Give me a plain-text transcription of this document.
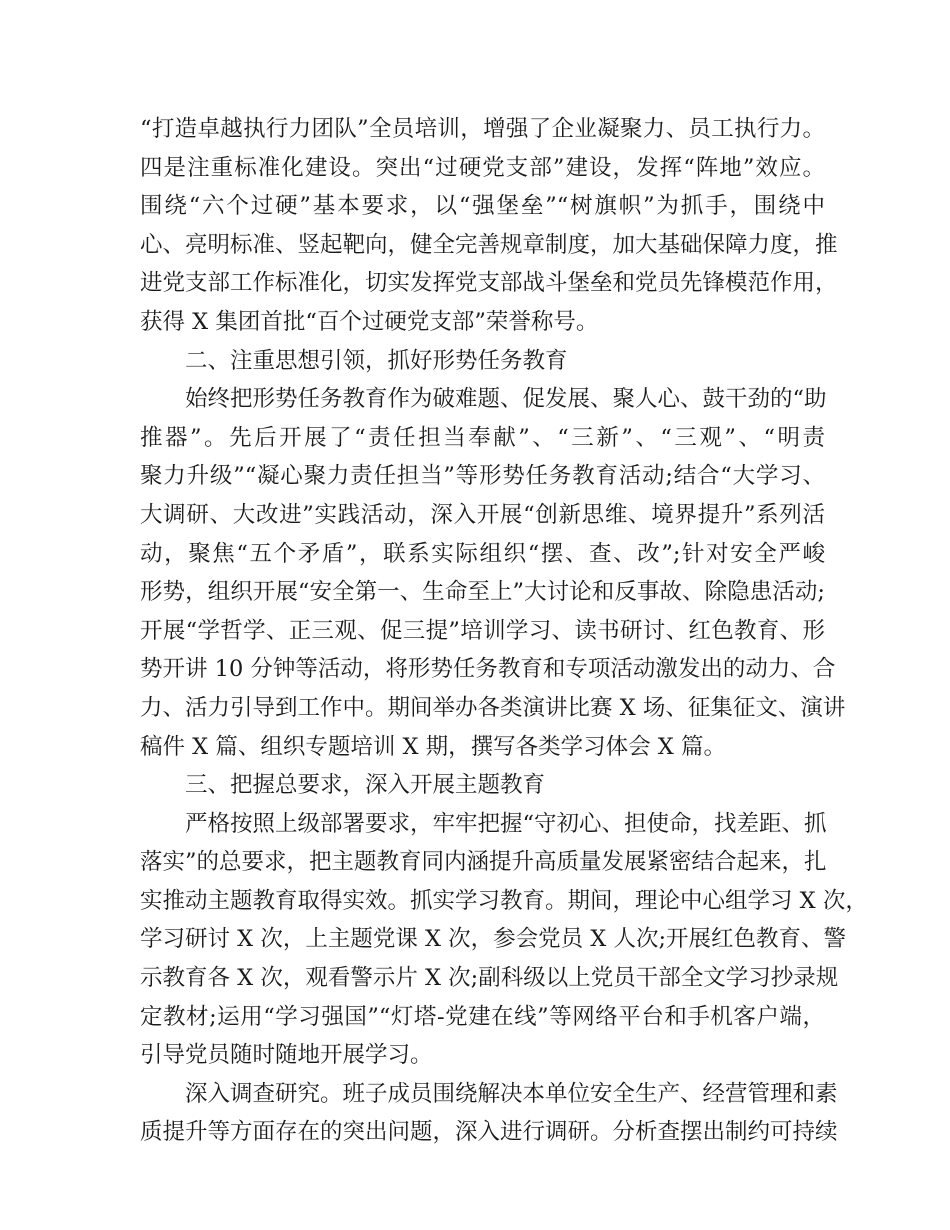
“打造卓越执行力团队”全员培训，增强了企业凝聚力、员工执行力。
四是注重标准化建设。突出“过硬党支部”建设，发挥“阵地”效应。
围绕“六个过硬”基本要求，以“强堡垒”“树旗帜”为抓手，围绕中
心、亮明标准、竖起靶向，健全完善规章制度，加大基础保障力度，推
进党支部工作标准化，切实发挥党支部战斗堡垒和党员先锋模范作用，
获得 X 集团首批“百个过硬党支部”荣誉称号。
二、注重思想引领，抓好形势任务教育
始终把形势任务教育作为破难题、促发展、聚人心、鼓干劲的“助
推器”。先后开展了“责任担当奉献”、“三新”、“三观”、“明责
聚力升级”“凝心聚力责任担当”等形势任务教育活动;结合“大学习、
大调研、大改进”实践活动，深入开展“创新思维、境界提升”系列活
动，聚焦“五个矛盾”，联系实际组织“摆、查、改”;针对安全严峻
形势，组织开展“安全第一、生命至上”大讨论和反事故、除隐患活动;
开展“学哲学、正三观、促三提”培训学习、读书研讨、红色教育、形
势开讲 10 分钟等活动，将形势任务教育和专项活动激发出的动力、合
力、活力引导到工作中。期间举办各类演讲比赛 X 场、征集征文、演讲
稿件 X 篇、组织专题培训 X 期，撰写各类学习体会 X 篇。
三、把握总要求，深入开展主题教育
严格按照上级部署要求，牢牢把握“守初心、担使命，找差距、抓
落实”的总要求，把主题教育同内涵提升高质量发展紧密结合起来，扎
实推动主题教育取得实效。抓实学习教育。期间，理论中心组学习 X 次，
学习研讨 X 次，上主题党课 X 次，参会党员 X 人次;开展红色教育、警
示教育各 X 次，观看警示片 X 次;副科级以上党员干部全文学习抄录规
定教材;运用“学习强国”“灯塔-党建在线”等网络平台和手机客户端，
引导党员随时随地开展学习。
深入调查研究。班子成员围绕解决本单位安全生产、经营管理和素
质提升等方面存在的突出问题，深入进行调研。分析查摆出制约可持续
